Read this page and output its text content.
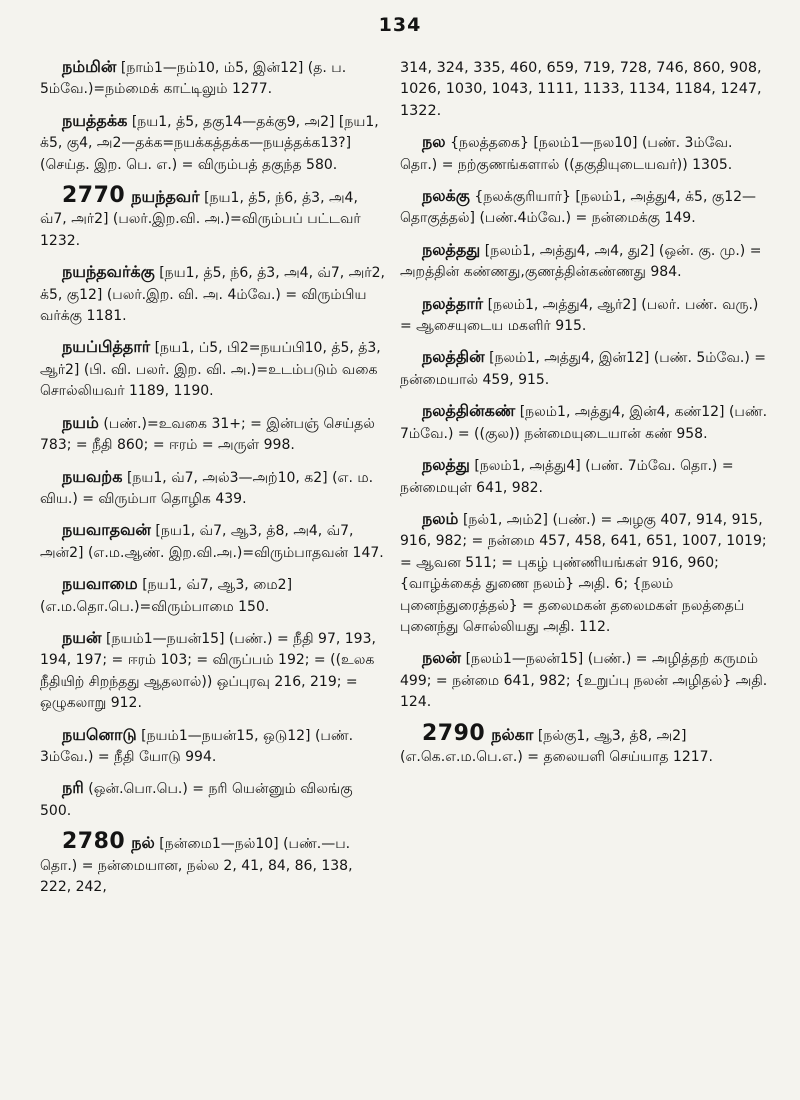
134

நம்மின் [நாம்1—நம்10, ம்5, இன்12] (த. ப. 5ம்வே.)=நம்மைக் காட்டிலும் 1277.

நயத்தக்க [நய1, த்5, தகு14—தக்கு9, அ2] [நய1, க்5, கு4, அ2—தக்க=நயக்கத்தக்க—நயத்தக்க13?] (செய்த. இற. பெ. எ.) = விரும்பத் தகுந்த 580.

2770 நயந்தவர் [நய1, த்5, ந்6, த்3, அ4, வ்7, அர்2] (பலர்.இற.வி. அ.)=விரும்பப் பட்டவர் 1232.

நயந்தவர்க்கு [நய1, த்5, ந்6, த்3, அ4, வ்7, அர்2, க்5, கு12] (பலர்.இற. வி. அ. 4ம்வே.) = விரும்பிய வர்க்கு 1181.

நயப்பித்தார் [நய1, ப்5, பி2=நயப்பி10, த்5, த்3, ஆர்2] (பி. வி. பலர். இற. வி. அ.)=உடம்படும் வகை சொல்லியவர் 1189, 1190.

நயம் (பண்.)=உவகை 31+; = இன்பஞ் செய்தல் 783; = நீதி 860; = ஈரம் = அருள் 998.

நயவற்க [நய1, வ்7, அல்3—அற்10, க2] (எ. ம. விய.) = விரும்பா தொழிக 439.

நயவாதவன் [நய1, வ்7, ஆ3, த்8, அ4, வ்7, அன்2] (எ.ம.ஆண். இற.வி.அ.)=விரும்பாதவன் 147.

நயவாமை [நய1, வ்7, ஆ3, மை2] (எ.ம.தொ.பெ.)=விரும்பாமை 150.

நயன் [நயம்1—நயன்15] (பண்.) = நீதி 97, 193, 194, 197; = ஈரம் 103; = விருப்பம் 192; = ((உலக நீதியிற் சிறந்தது ஆதலால்)) ஒப்புரவு 216, 219; = ஒழுகலாறு 912.

நயனொடு [நயம்1—நயன்15, ஒடு12] (பண். 3ம்வே.) = நீதி யோடு 994.

நரி (ஒன்.பொ.பெ.) = நரி யென்னும் விலங்கு 500.

2780 நல் [நன்மை1—நல்10] (பண்.—ப. தொ.) = நன்மையான, நல்ல 2, 41, 84, 86, 138, 222, 242,

314, 324, 335, 460, 659, 719, 728, 746, 860, 908, 1026, 1030, 1043, 1111, 1133, 1134, 1184, 1247, 1322.

நல {நலத்தகை} [நலம்1—நல10] (பண். 3ம்வே. தொ.) = நற்குணங்களால் ((தகுதியுடையவர்)) 1305.

நலக்கு {நலக்குரியார்} [நலம்1, அத்து4, க்5, கு12—தொகுத்தல்] (பண்.4ம்வே.) = நன்மைக்கு 149.

நலத்தது [நலம்1, அத்து4, அ4, து2] (ஒன். கு. மு.) = அறத்தின் கண்ணது,குணத்தின்கண்ணது 984.

நலத்தார் [நலம்1, அத்து4, ஆர்2] (பலர். பண். வரு.) = ஆசையுடைய மகளிர் 915.

நலத்தின் [நலம்1, அத்து4, இன்12] (பண். 5ம்வே.) = நன்மையால் 459, 915.

நலத்தின்கண் [நலம்1, அத்து4, இன்4, கண்12] (பண். 7ம்வே.) = ((குல)) நன்மையுடையான் கண் 958.

நலத்து [நலம்1, அத்து4] (பண். 7ம்வே. தொ.) = நன்மையுள் 641, 982.

நலம் [நல்1, அம்2] (பண்.) = அழகு 407, 914, 915, 916, 982; = நன்மை 457, 458, 641, 651, 1007, 1019; = ஆவன 511; = புகழ் புண்ணியங்கள் 916, 960; {வாழ்க்கைத் துணை நலம்} அதி. 6; {நலம் புனைந்துரைத்தல்} = தலைமகன் தலைமகள் நலத்தைப் புனைந்து சொல்லியது அதி. 112.

நலன் [நலம்1—நலன்15] (பண்.) = அழித்தற் கருமம் 499; = நன்மை 641, 982; {உறுப்பு நலன் அழிதல்} அதி. 124.

2790 நல்கா [நல்கு1, ஆ3, த்8, அ2] (எ.கெ.எ.ம.பெ.எ.) = தலையளி செய்யாத 1217.
